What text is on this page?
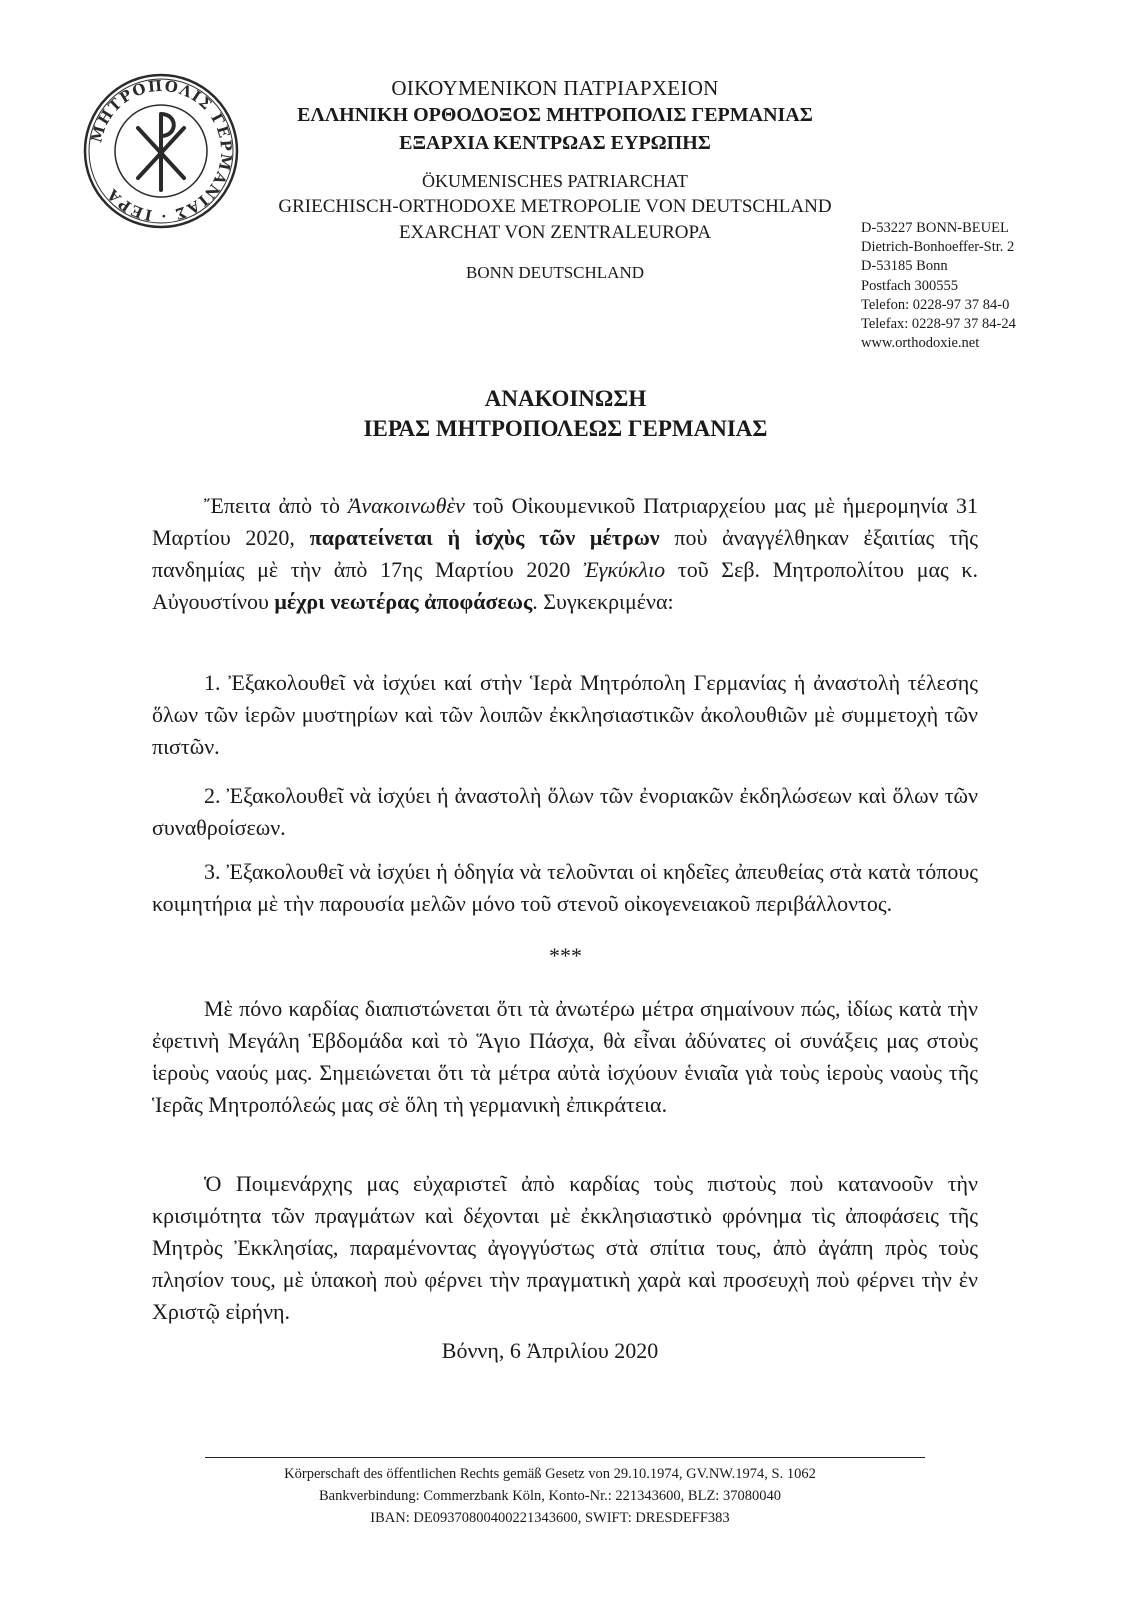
ΜΗΤΡΟΠΟΛΙΣ ΓΕΡΜΑΝΙΑΣ · ΙΕΡΑ
ΟΙΚΟΥΜΕΝΙΚΟΝ ΠΑΤΡΙΑΡΧΕΙΟΝ
ΕΛΛΗΝΙΚΗ ΟΡΘΟΔΟΞΟΣ ΜΗΤΡΟΠΟΛΙΣ ΓΕΡΜΑΝΙΑΣ
ΕΞΑΡΧΙΑ ΚΕΝΤΡΩΑΣ ΕΥΡΩΠΗΣ
ÖKUMENISCHES PATRIARCHAT
GRIECHISCH-ORTHODOXE METROPOLIE VON DEUTSCHLAND
EXARCHAT VON ZENTRALEUROPA
BONN DEUTSCHLAND
D-53227 BONN-BEUEL
Dietrich-Bonhoeffer-Str. 2
D-53185 Bonn
Postfach 300555
Telefon: 0228-97 37 84-0
Telefax: 0228-97 37 84-24
www.orthodoxie.net
ΑΝΑΚΟΙΝΩΣΗ
ΙΕΡΑΣ ΜΗΤΡΟΠΟΛΕΩΣ ΓΕΡΜΑΝΙΑΣ
Ἔπειτα ἀπὸ τὸ Ἀνακοινωθὲν τοῦ Οἰκουμενικοῦ Πατριαρχείου μας μὲ ἡμερομηνία 31 Μαρτίου 2020, παρατείνεται ἡ ἰσχὺς τῶν μέτρων ποὺ ἀναγγέλθηκαν ἐξαιτίας τῆς πανδημίας μὲ τὴν ἀπὸ 17ης Μαρτίου 2020 Ἐγκύκλιο τοῦ Σεβ. Μητροπολίτου μας κ. Αὐγουστίνου μέχρι νεωτέρας ἀποφάσεως. Συγκεκριμένα:
1. Ἐξακολουθεῖ νὰ ἰσχύει καί στὴν Ἱερὰ Μητρόπολη Γερμανίας ἡ ἀναστολὴ τέλεσης ὅλων τῶν ἱερῶν μυστηρίων καὶ τῶν λοιπῶν ἐκκλησιαστικῶν ἀκολουθιῶν μὲ συμμετοχὴ τῶν πιστῶν.
2. Ἐξακολουθεῖ νὰ ἰσχύει ἡ ἀναστολὴ ὅλων τῶν ἐνοριακῶν ἐκδηλώσεων καὶ ὅλων τῶν συναθροίσεων.
3. Ἐξακολουθεῖ νὰ ἰσχύει ἡ ὁδηγία νὰ τελοῦνται οἱ κηδεῖες ἀπευθείας στὰ κατὰ τόπους κοιμητήρια μὲ τὴν παρουσία μελῶν μόνο τοῦ στενοῦ οἰκογενειακοῦ περιβάλλοντος.
***
Μὲ πόνο καρδίας διαπιστώνεται ὅτι τὰ ἀνωτέρω μέτρα σημαίνουν πώς, ἰδίως κατὰ τὴν ἐφετινὴ Μεγάλη Ἑβδομάδα καὶ τὸ Ἅγιο Πάσχα, θὰ εἶναι ἀδύνατες οἱ συνάξεις μας στοὺς ἱεροὺς ναούς μας. Σημειώνεται ὅτι τὰ μέτρα αὐτὰ ἰσχύουν ἑνιαῖα γιὰ τοὺς ἱεροὺς ναοὺς τῆς Ἱερᾶς Μητροπόλεώς μας σὲ ὅλη τὴ γερμανικὴ ἐπικράτεια.
Ὁ Ποιμενάρχης μας εὐχαριστεῖ ἀπὸ καρδίας τοὺς πιστοὺς ποὺ κατανοοῦν τὴν κρισιμότητα τῶν πραγμάτων καὶ δέχονται μὲ ἐκκλησιαστικὸ φρόνημα τὶς ἀποφάσεις τῆς Μητρὸς Ἐκκλησίας, παραμένοντας ἀγογγύστως στὰ σπίτια τους, ἀπὸ ἀγάπη πρὸς τοὺς πλησίον τους, μὲ ὑπακοὴ ποὺ φέρνει τὴν πραγματικὴ χαρὰ καὶ προσευχὴ ποὺ φέρνει τὴν ἐν Χριστῷ εἰρήνη.
Βόννη, 6 Ἀπριλίου 2020
Körperschaft des öffentlichen Rechts gemäß Gesetz von 29.10.1974, GV.NW.1974, S. 1062
Bankverbindung: Commerzbank Köln, Konto-Nr.: 221343600, BLZ: 37080040
IBAN: DE09370800400221343600, SWIFT: DRESDEFF383
